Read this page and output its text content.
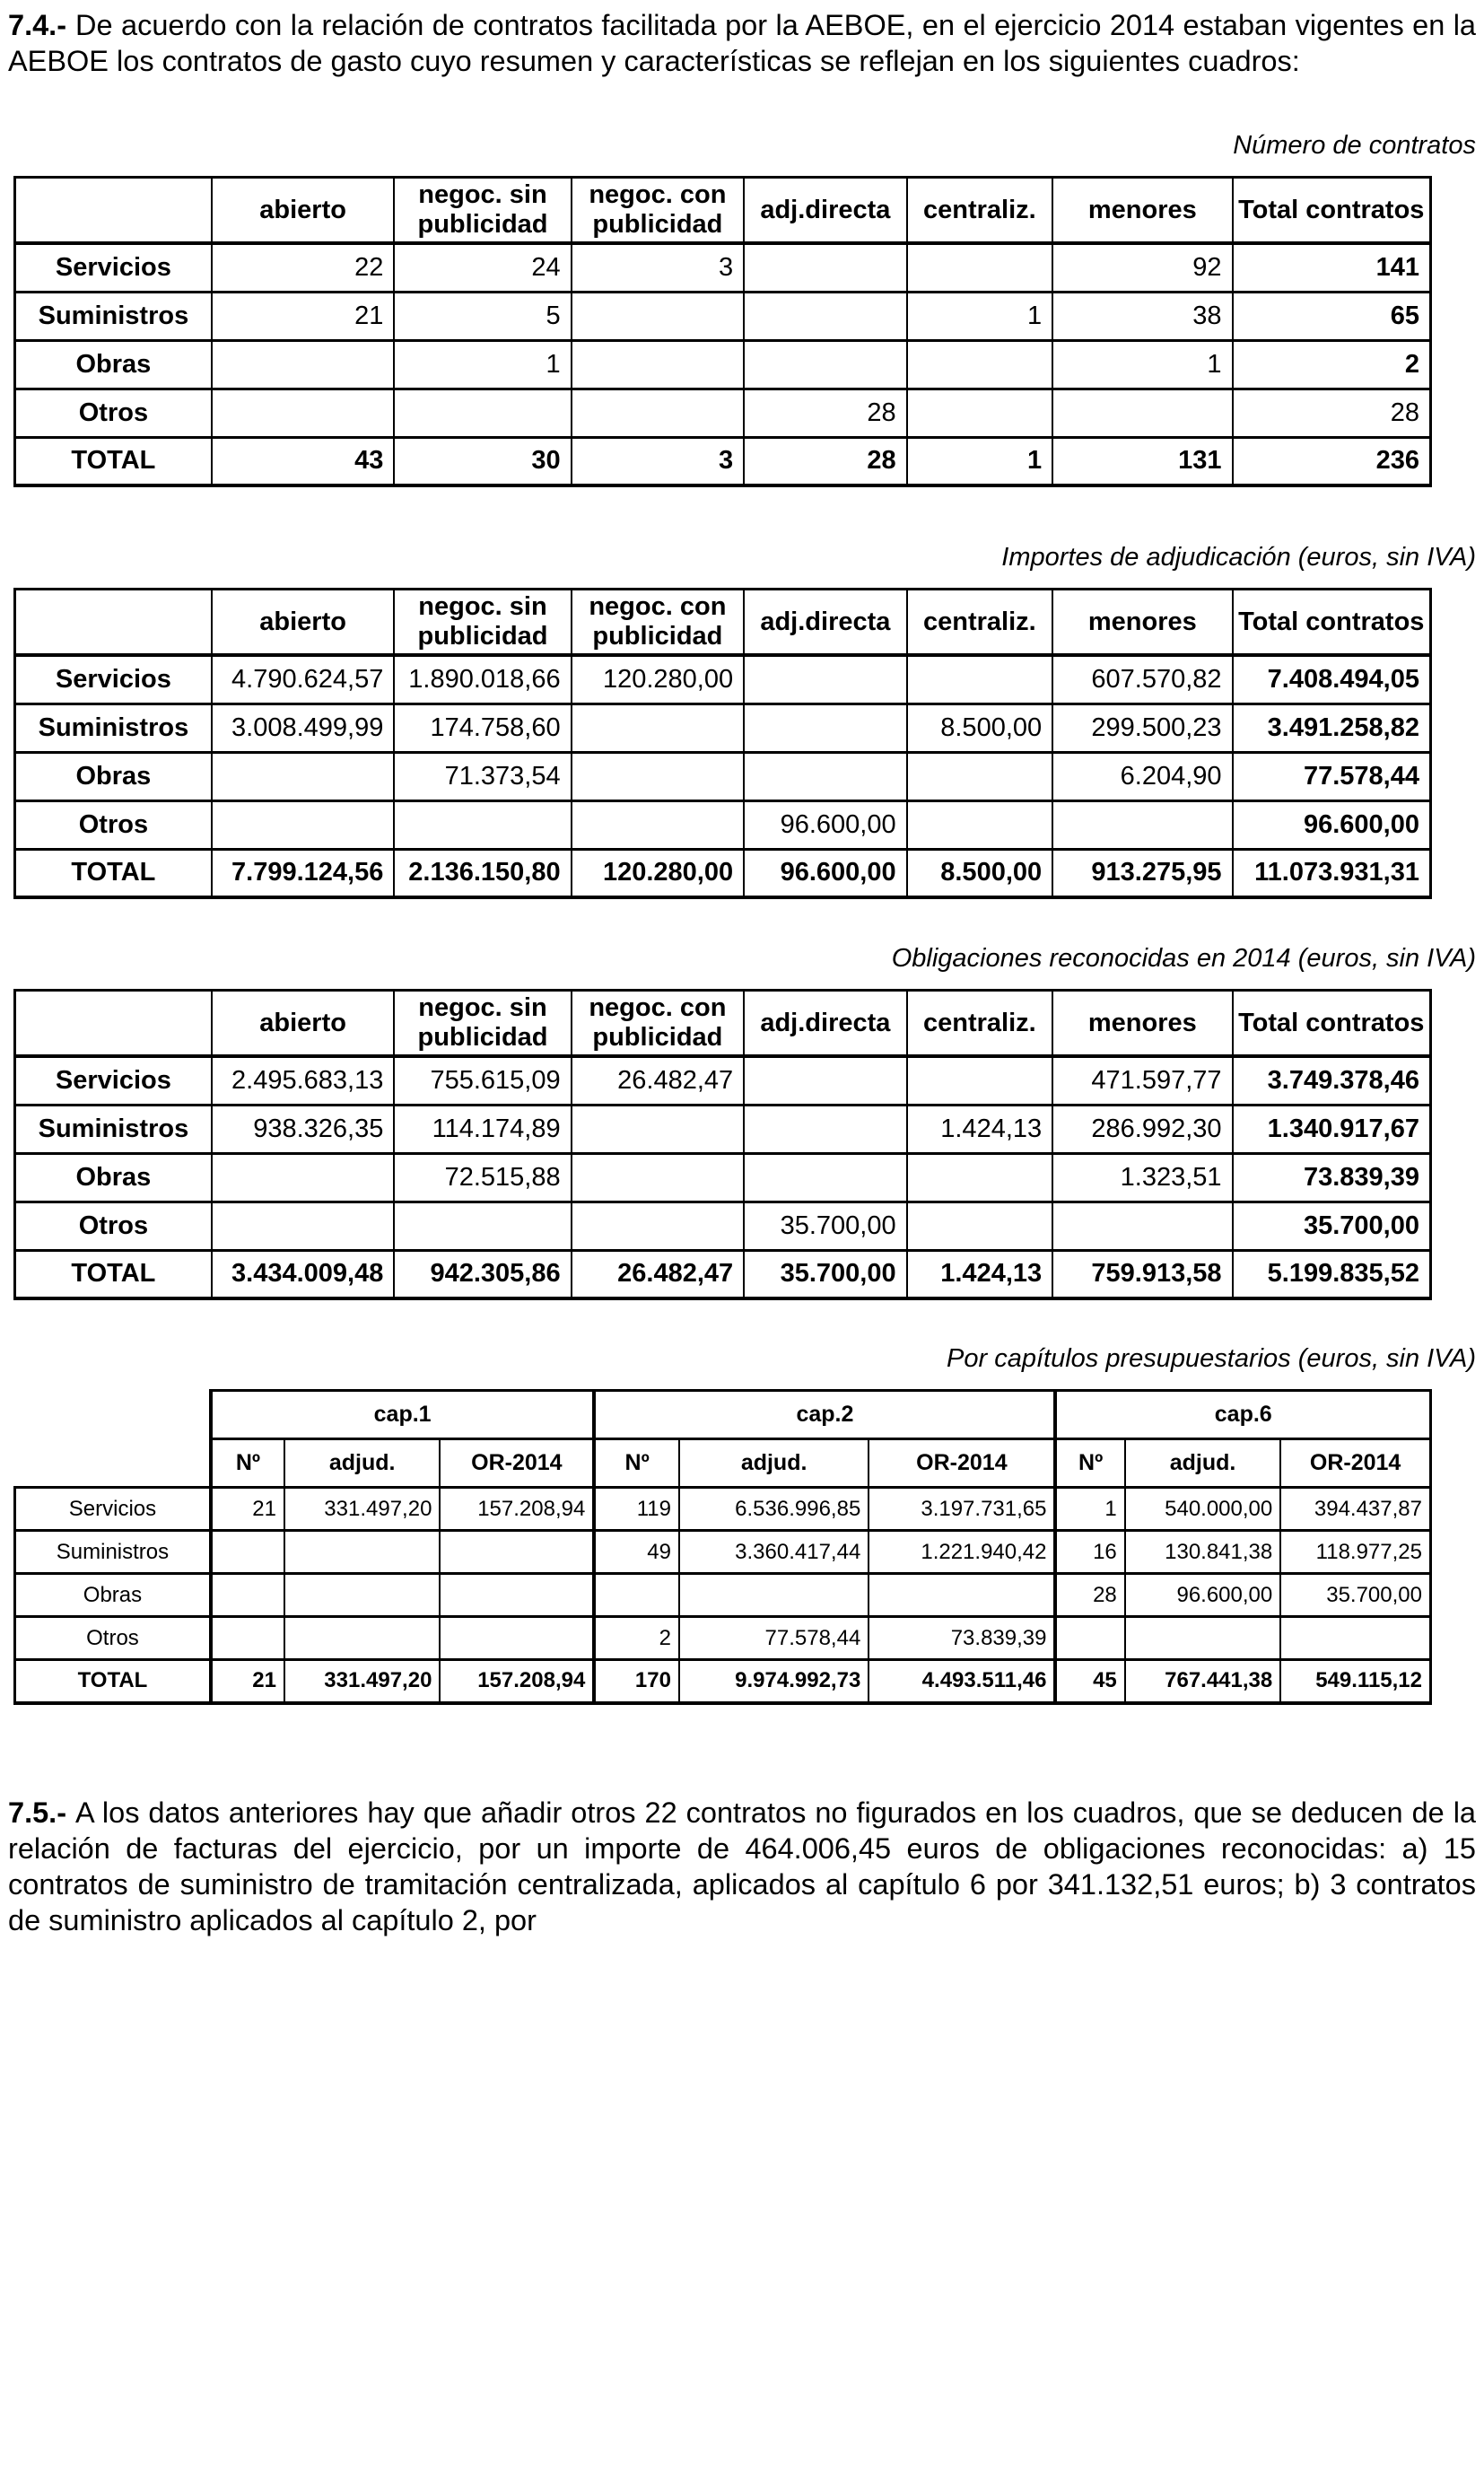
7.4.- De acuerdo con la relación de contratos facilitada por la AEBOE, en el ejercicio 2014 estaban vigentes en la AEBOE los contratos de gasto cuyo resumen y características se reflejan en los siguientes cuadros:

Número de contratos
	abierto	negoc. sin publicidad	negoc. con publicidad	adj.directa	centraliz.	menores	Total contratos
Servicios	22	24	3			92	141
Suministros	21	5			1	38	65
Obras		1				1	2
Otros				28			28
TOTAL	43	30	3	28	1	131	236
Importes de adjudicación (euros, sin IVA)
	abierto	negoc. sin publicidad	negoc. con publicidad	adj.directa	centraliz.	menores	Total contratos
Servicios	4.790.624,57	1.890.018,66	120.280,00			607.570,82	7.408.494,05
Suministros	3.008.499,99	174.758,60			8.500,00	299.500,23	3.491.258,82
Obras		71.373,54				6.204,90	77.578,44
Otros				96.600,00			96.600,00
TOTAL	7.799.124,56	2.136.150,80	120.280,00	96.600,00	8.500,00	913.275,95	11.073.931,31
Obligaciones reconocidas en 2014 (euros, sin IVA)
	abierto	negoc. sin publicidad	negoc. con publicidad	adj.directa	centraliz.	menores	Total contratos
Servicios	2.495.683,13	755.615,09	26.482,47			471.597,77	3.749.378,46
Suministros	938.326,35	114.174,89			1.424,13	286.992,30	1.340.917,67
Obras		72.515,88				1.323,51	73.839,39
Otros				35.700,00			35.700,00
TOTAL	3.434.009,48	942.305,86	26.482,47	35.700,00	1.424,13	759.913,58	5.199.835,52
Por capítulos presupuestarios (euros, sin IVA)
	cap.1			cap.2			cap.6		
	Nº	adjud.	OR-2014	Nº	adjud.	OR-2014	Nº	adjud.	OR-2014
Servicios	21	331.497,20	157.208,94	119	6.536.996,85	3.197.731,65	1	540.000,00	394.437,87
Suministros				49	3.360.417,44	1.221.940,42	16	130.841,38	118.977,25
Obras							28	96.600,00	35.700,00
Otros				2	77.578,44	73.839,39			
TOTAL	21	331.497,20	157.208,94	170	9.974.992,73	4.493.511,46	45	767.441,38	549.115,12

7.5.- A los datos anteriores hay que añadir otros 22 contratos no figurados en los cuadros, que se deducen de la relación de facturas del ejercicio, por un importe de 464.006,45 euros de obligaciones reconocidas: a) 15 contratos de suministro de tramitación centralizada, aplicados al capítulo 6 por 341.132,51 euros; b) 3 contratos de suministro aplicados al capítulo 2, por
